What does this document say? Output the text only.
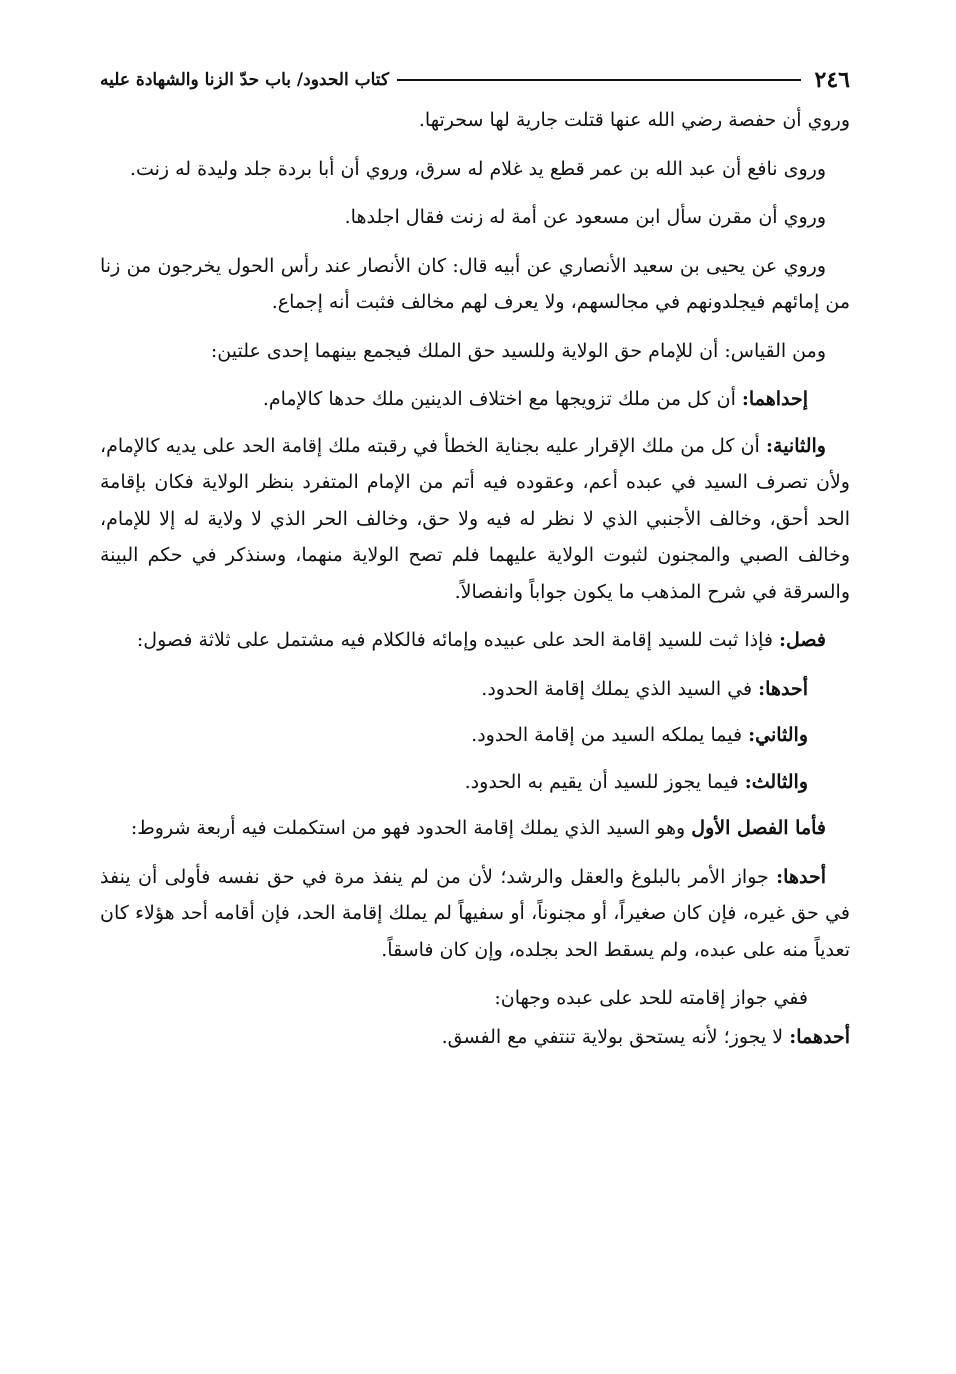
٢٤٦
كتاب الحدود/ باب حدّ الزنا والشهادة عليه

وروي أن حفصة رضي الله عنها قتلت جارية لها سحرتها.

وروى نافع أن عبد الله بن عمر قطع يد غلام له سرق، وروي أن أبا بردة جلد وليدة له زنت.

وروي أن مقرن سأل ابن مسعود عن أمة له زنت فقال اجلدها.

وروي عن يحيى بن سعيد الأنصاري عن أبيه قال: كان الأنصار عند رأس الحول يخرجون من زنا من إمائهم فيجلدونهم في مجالسهم، ولا يعرف لهم مخالف فثبت أنه إجماع.

ومن القياس: أن للإمام حق الولاية وللسيد حق الملك فيجمع بينهما إحدى علتين:

إحداهما: أن كل من ملك تزويجها مع اختلاف الدينين ملك حدها كالإمام.

والثانية: أن كل من ملك الإقرار عليه بجناية الخطأ في رقبته ملك إقامة الحد على يديه كالإمام، ولأن تصرف السيد في عبده أعم، وعقوده فيه أتم من الإمام المتفرد بنظر الولاية فكان بإقامة الحد أحق، وخالف الأجنبي الذي لا نظر له فيه ولا حق، وخالف الحر الذي لا ولاية له إلا للإمام، وخالف الصبي والمجنون لثبوت الولاية عليهما فلم تصح الولاية منهما، وسنذكر في حكم البينة والسرقة في شرح المذهب ما يكون جواباً وانفصالاً.

فصل: فإذا ثبت للسيد إقامة الحد على عبيده وإمائه فالكلام فيه مشتمل على ثلاثة فصول:

أحدها: في السيد الذي يملك إقامة الحدود.

والثاني: فيما يملكه السيد من إقامة الحدود.

والثالث: فيما يجوز للسيد أن يقيم به الحدود.

فأما الفصل الأول وهو السيد الذي يملك إقامة الحدود فهو من استكملت فيه أربعة شروط:

أحدها: جواز الأمر بالبلوغ والعقل والرشد؛ لأن من لم ينفذ مرة في حق نفسه فأولى أن ينفذ في حق غيره، فإن كان صغيراً، أو مجنوناً، أو سفيهاً لم يملك إقامة الحد، فإن أقامه أحد هؤلاء كان تعدياً منه على عبده، ولم يسقط الحد بجلده، وإن كان فاسقاً.

ففي جواز إقامته للحد على عبده وجهان:

أحدهما: لا يجوز؛ لأنه يستحق بولاية تنتفي مع الفسق.
